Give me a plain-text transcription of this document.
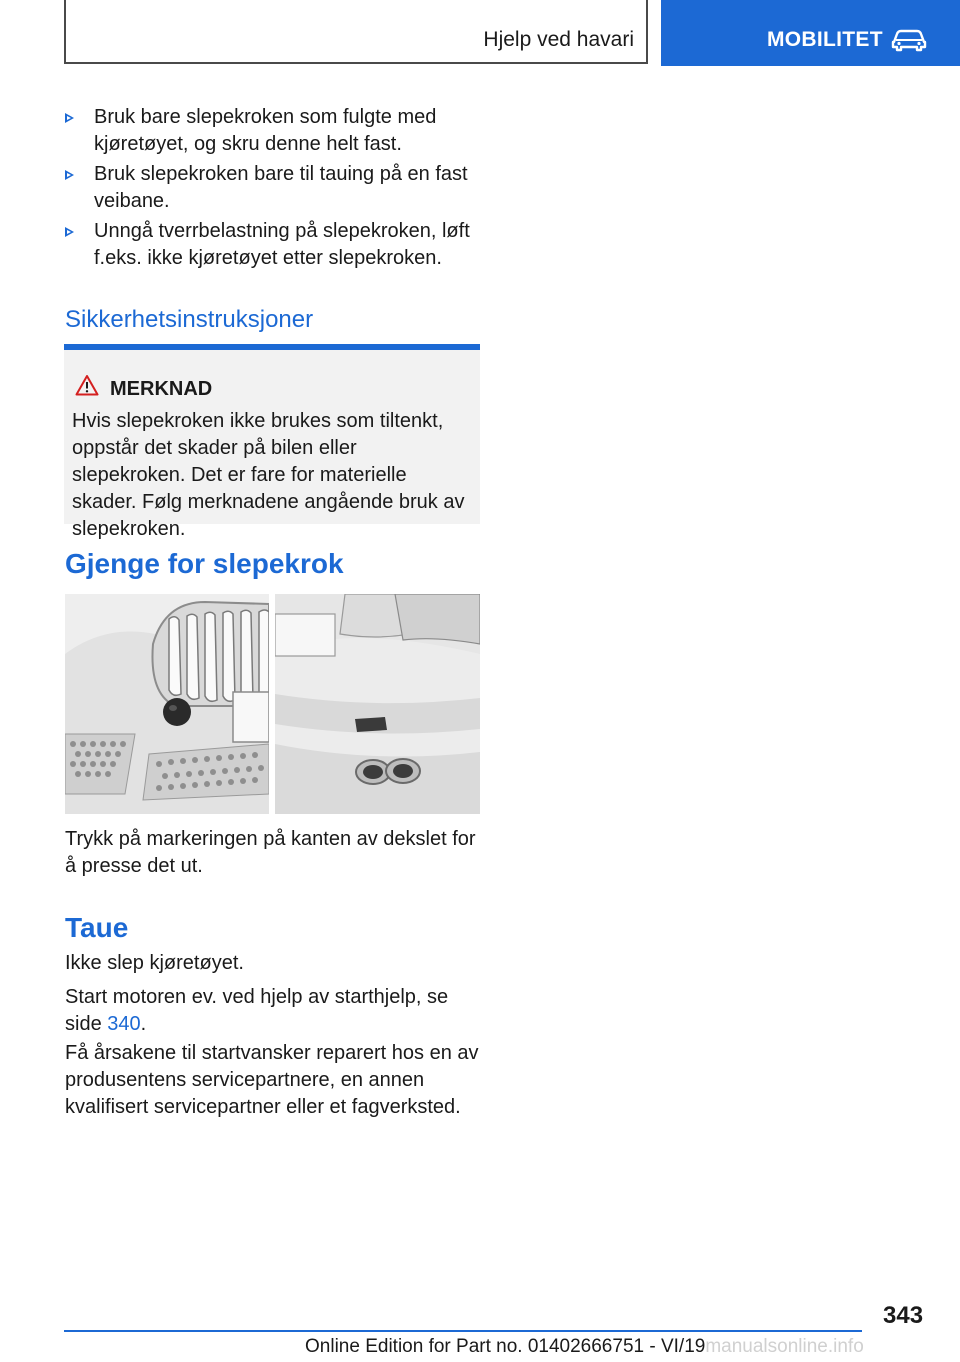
Hjelp ved havari	MOBILITET
Bruk bare slepekroken som fulgte med kjøretøyet, og skru denne helt fast.
Bruk slepekroken bare til tauing på en fast veibane.
Unngå tverrbelastning på slepekroken, løft f.eks. ikke kjøretøyet etter slepekroken.
Sikkerhetsinstruksjoner
MERKNAD
Hvis slepekroken ikke brukes som tiltenkt, oppstår det skader på bilen eller slepekroken. Det er fare for materielle skader. Følg merknadene angående bruk av slepekroken.
Gjenge for slepekrok
Trykk på markeringen på kanten av dekslet for å presse det ut.
Taue
Ikke slep kjøretøyet.
Start motoren ev. ved hjelp av starthjelp, se side 340.
Få årsakene til startvansker reparert hos en av produsentens servicepartnere, en annen kvalifisert servicepartner eller et fagverksted.
343
Online Edition for Part no. 01402666751 - VI/19manualsonline.info
